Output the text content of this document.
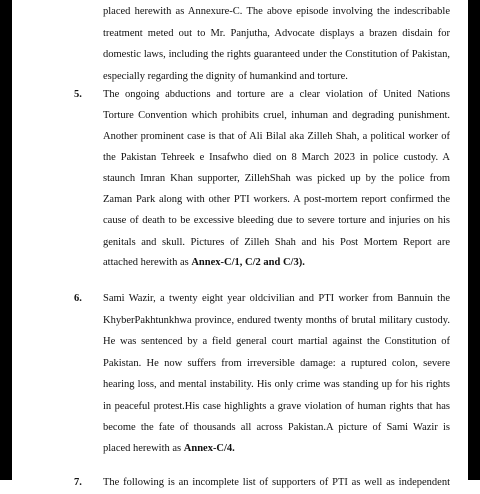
placed herewith as Annexure-C. The above episode involving the indescribable
treatment meted out to Mr. Panjutha, Advocate displays a brazen disdain for
domestic laws, including the rights guaranteed under the Constitution of Pakistan,
especially regarding the dignity of humankind and torture.
5. The ongoing abductions and torture are a clear violation of United Nations
Torture Convention which prohibits cruel, inhuman and degrading punishment.
Another prominent case is that of Ali Bilal aka Zilleh Shah, a political worker of
the Pakistan Tehreek e Insafwho died on 8 March 2023 in police custody. A
staunch Imran Khan supporter, ZillehShah was picked up by the police from
Zaman Park along with other PTI workers. A post-mortem report confirmed the
cause of death to be excessive bleeding due to severe torture and injuries on his
genitals and skull. Pictures of Zilleh Shah and his Post Mortem Report are
attached herewith as Annex-C/1, C/2 and C/3).
6. Sami Wazir, a twenty eight year oldcivilian and PTI worker from Bannuin the
KhyberPakhtunkhwa province, endured twenty months of brutal military custody.
He was sentenced by a field general court martial against the Constitution of
Pakistan. He now suffers from irreversible damage: a ruptured colon, severe
hearing loss, and mental instability. His only crime was standing up for his rights
in peaceful protest.His case highlights a grave violation of human rights that has
become the fate of thousands all across Pakistan.A picture of Sami Wazir is
placed herewith as Annex-C/4.
7. The following is an incomplete list of supporters of PTI as well as independent
